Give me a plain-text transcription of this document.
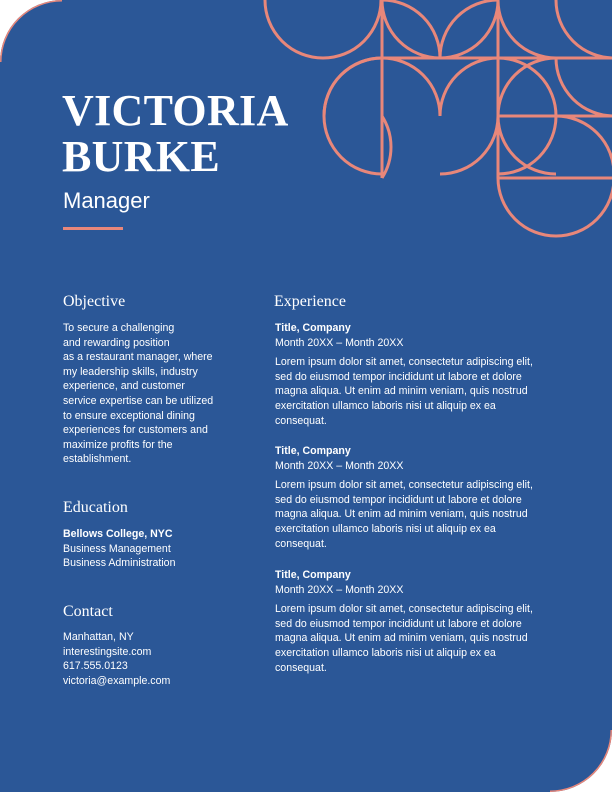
VICTORIA
BURKE
Manager
Objective
To secure a challenging
and rewarding position
as a restaurant manager, where
my leadership skills, industry
experience, and customer
service expertise can be utilized
to ensure exceptional dining
experiences for customers and
maximize profits for the
establishment.
Education
Bellows College, NYC
Business Management
Business Administration
Contact
Manhattan, NY
interestingsite.com
617.555.0123
victoria@example.com
Experience
Title, Company
Month 20XX – Month 20XX
Lorem ipsum dolor sit amet, consectetur adipiscing elit,
sed do eiusmod tempor incididunt ut labore et dolore
magna aliqua. Ut enim ad minim veniam, quis nostrud
exercitation ullamco laboris nisi ut aliquip ex ea
consequat.
Title, Company
Month 20XX – Month 20XX
Lorem ipsum dolor sit amet, consectetur adipiscing elit,
sed do eiusmod tempor incididunt ut labore et dolore
magna aliqua. Ut enim ad minim veniam, quis nostrud
exercitation ullamco laboris nisi ut aliquip ex ea
consequat.
Title, Company
Month 20XX – Month 20XX
Lorem ipsum dolor sit amet, consectetur adipiscing elit,
sed do eiusmod tempor incididunt ut labore et dolore
magna aliqua. Ut enim ad minim veniam, quis nostrud
exercitation ullamco laboris nisi ut aliquip ex ea
consequat.
